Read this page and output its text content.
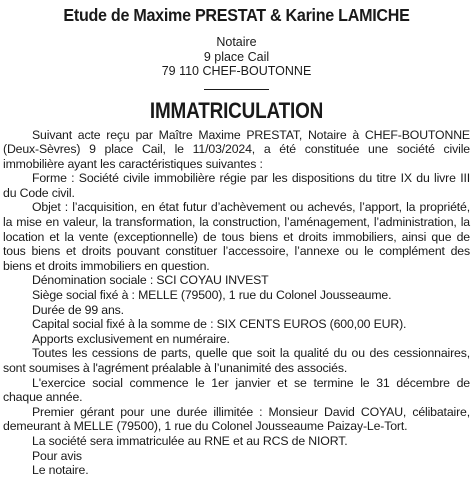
Etude de Maxime PRESTAT & Karine LAMICHE
Notaire
9 place Cail
79 110 CHEF-BOUTONNE
IMMATRICULATION

Suivant acte reçu par Maître Maxime PRESTAT, Notaire à CHEF-BOUTONNE (Deux-Sèvres) 9 place Cail, le 11/03/2024, a été constituée une société civile immobilière ayant les caractéristiques suivantes :

Forme : Société civile immobilière régie par les dispositions du titre IX du livre III du Code civil.

Objet : l’acquisition, en état futur d’achèvement ou achevés, l’apport, la propriété, la mise en valeur, la transformation, la construction, l’aménagement, l’administration, la location et la vente (exceptionnelle) de tous biens et droits immobiliers, ainsi que de tous biens et droits pouvant constituer l’accessoire, l’annexe ou le complément des biens et droits immobiliers en question.

Dénomination sociale : SCI COYAU INVEST

Siège social fixé à : MELLE (79500), 1 rue du Colonel Jousseaume.

Durée de 99 ans.

Capital social fixé à la somme de : SIX CENTS EUROS (600,00 EUR).

Apports exclusivement en numéraire.

Toutes les cessions de parts, quelle que soit la qualité du ou des cessionnaires, sont soumises à l'agrément préalable à l’unanimité des associés.

L'exercice social commence le 1er janvier et se termine le 31 décembre de chaque année.

Premier gérant pour une durée illimitée : Monsieur David COYAU, célibataire, demeurant à MELLE (79500), 1 rue du Colonel Jousseaume Paizay-Le-Tort.

La société sera immatriculée au RNE et au RCS de NIORT.

Pour avis

Le notaire.
